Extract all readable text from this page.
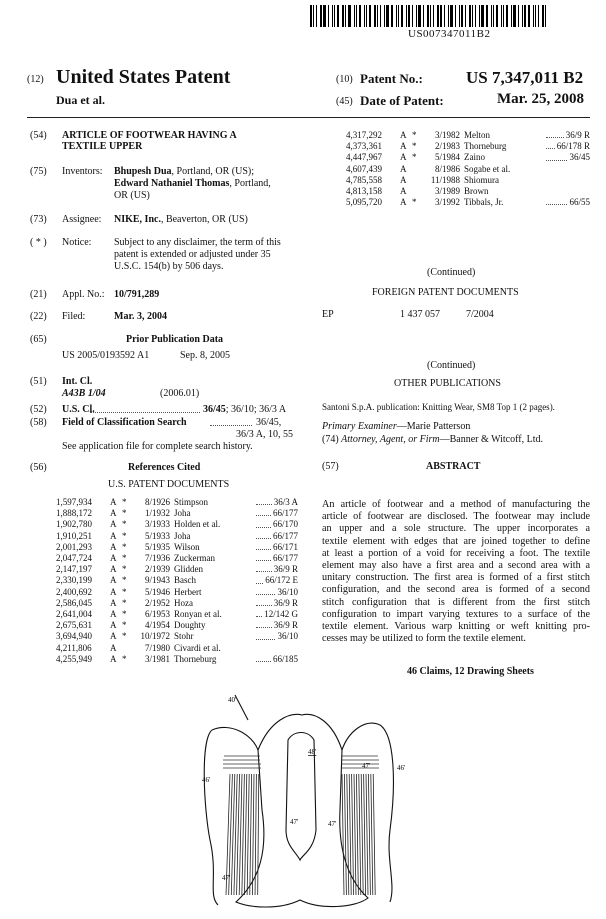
US007347011B2
(12) United States Patent
Dua et al.
(10) Patent No.:	US 7,347,011 B2
(45) Date of Patent:	Mar. 25, 2008
(54) ARTICLE OF FOOTWEAR HAVING A
TEXTILE UPPER
(75) Inventors: Bhupesh Dua, Portland, OR (US);
Edward Nathaniel Thomas, Portland,
OR (US)
(73) Assignee: NIKE, Inc., Beaverton, OR (US)
( * ) Notice: Subject to any disclaimer, the term of this
patent is extended or adjusted under 35
U.S.C. 154(b) by 506 days.
(21) Appl. No.: 10/791,289
(22) Filed:	Mar. 3, 2004
(65)	Prior Publication Data
US 2005/0193592 A1	Sep. 8, 2005
(51) Int. Cl.
A43B 1/04	(2006.01)
(52) U.S. Cl.	36/45; 36/10; 36/3 A
(58) Field of Classification Search	36/45,
36/3 A, 10, 55
See application file for complete search history.
(56)	References Cited
U.S. PATENT DOCUMENTS
1,597,934	A *	8/1926 Stimpson	36/3 A
1,888,172	A *	1/1932 Joha	66/177
1,902,780	A *	3/1933 Holden et al.	66/170
1,910,251	A *	5/1933 Joha	66/177
2,001,293	A *	5/1935 Wilson	66/171
2,047,724	A *	7/1936 Zuckerman	66/177
2,147,197	A *	2/1939 Glidden	36/9 R
2,330,199	A *	9/1943 Basch	66/172 E
2,400,692	A *	5/1946 Herbert	36/10
2,586,045	A *	2/1952 Hoza	36/9 R
2,641,004	A *	6/1953 Ronyan et al.	12/142 G
2,675,631	A *	4/1954 Doughty	36/9 R
3,694,940	A *	10/1972 Stohr	36/10
4,211,806	A	7/1980 Civardi et al.
4,255,949	A *	3/1981 Thorneburg	66/185
4,317,292	A *	3/1982 Melton	36/9 R
4,373,361	A *	2/1983 Thorneburg	66/178 R
4,447,967	A *	5/1984 Zaino	36/45
4,607,439	A	8/1986 Sogabe et al.
4,785,558	A	11/1988 Shiomura
4,813,158	A	3/1989 Brown
5,095,720	A *	3/1992 Tibbals, Jr.	66/55
(Continued)
FOREIGN PATENT DOCUMENTS
EP	1 437 057	7/2004
(Continued)
OTHER PUBLICATIONS
Santoni S.p.A. publication: Knitting Wear, SM8 Top 1 (2 pages).
Primary Examiner—Marie Patterson
(74) Attorney, Agent, or Firm—Banner & Witcoff, Ltd.
(57)	ABSTRACT
An article of footwear and a method of manufacturing the
article of footwear are disclosed. The footwear may include
an upper and a sole structure. The upper incorporates a
textile element with edges that are joined together to define
at least a portion of a void for receiving a foot. The textile
element may also have a first area and a second area with a
unitary construction. The first area is formed of a first stitch
configuration, and the second area is formed of a second
stitch configuration that is different from the first stitch
configuration to impart varying textures to a surface of the
textile element. Various warp knitting or weft knitting pro-
cesses may be utilized to form the textile element.
46 Claims, 12 Drawing Sheets
40'
46'
47'	46'
48'
47'	47'
47'
